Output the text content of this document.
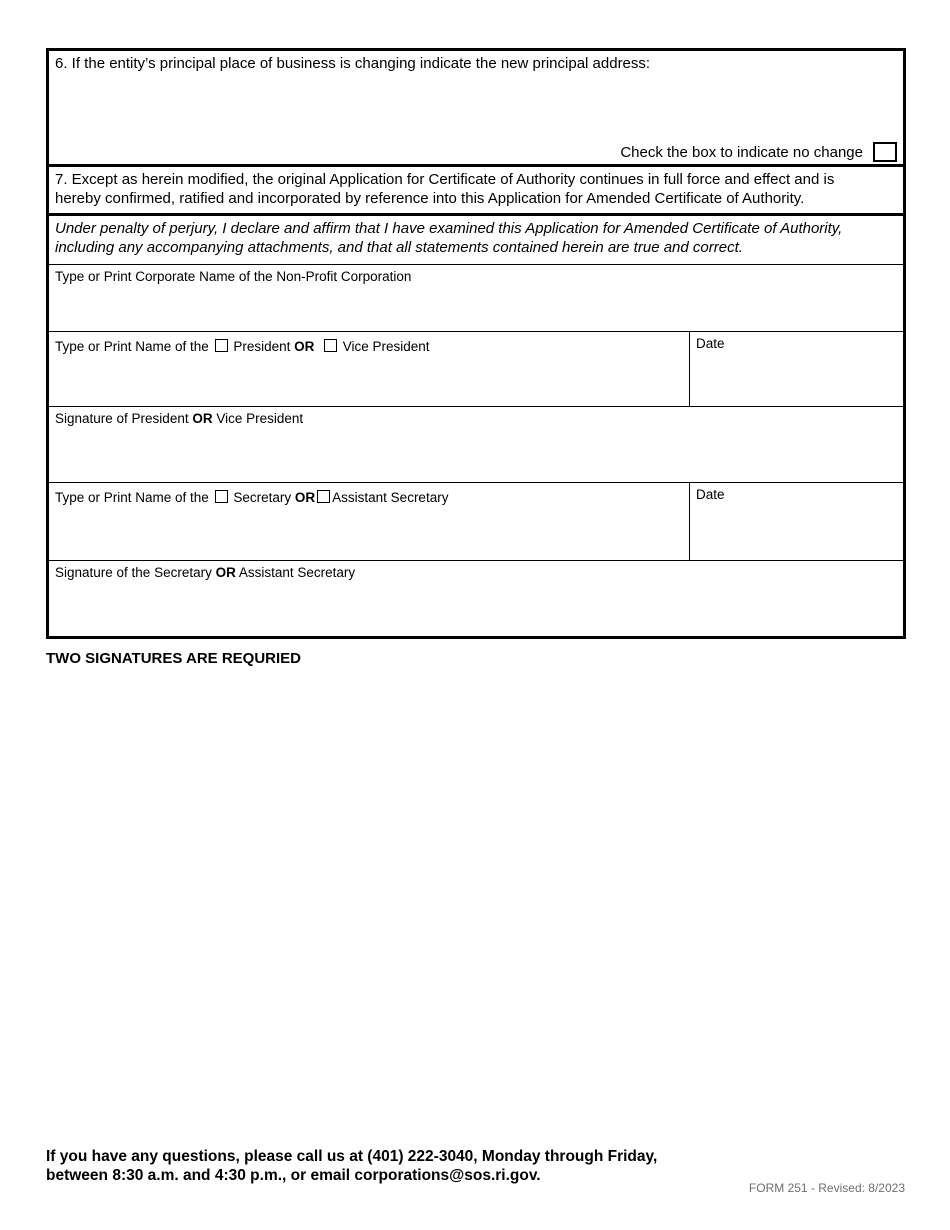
6. If the entity’s principal place of business is changing indicate the new principal address:
Check the box to indicate no change
7. Except as herein modified, the original Application for Certificate of Authority continues in full force and effect and is
hereby confirmed, ratified and incorporated by reference into this Application for Amended Certificate of Authority.
Under penalty of perjury, I declare and affirm that I have examined this Application for Amended Certificate of Authority,
including any accompanying attachments, and that all statements contained herein are true and correct.
Type or Print Corporate Name of the Non-Profit Corporation
Type or Print Name of the President OR Vice President	Date
Signature of President OR Vice President
Type or Print Name of the Secretary OR Assistant Secretary	Date
Signature of the Secretary OR Assistant Secretary
TWO SIGNATURES ARE REQURIED
If you have any questions, please call us at (401) 222-3040, Monday through Friday,
between 8:30 a.m. and 4:30 p.m., or email corporations@sos.ri.gov.
FORM 251 - Revised: 8/2023
